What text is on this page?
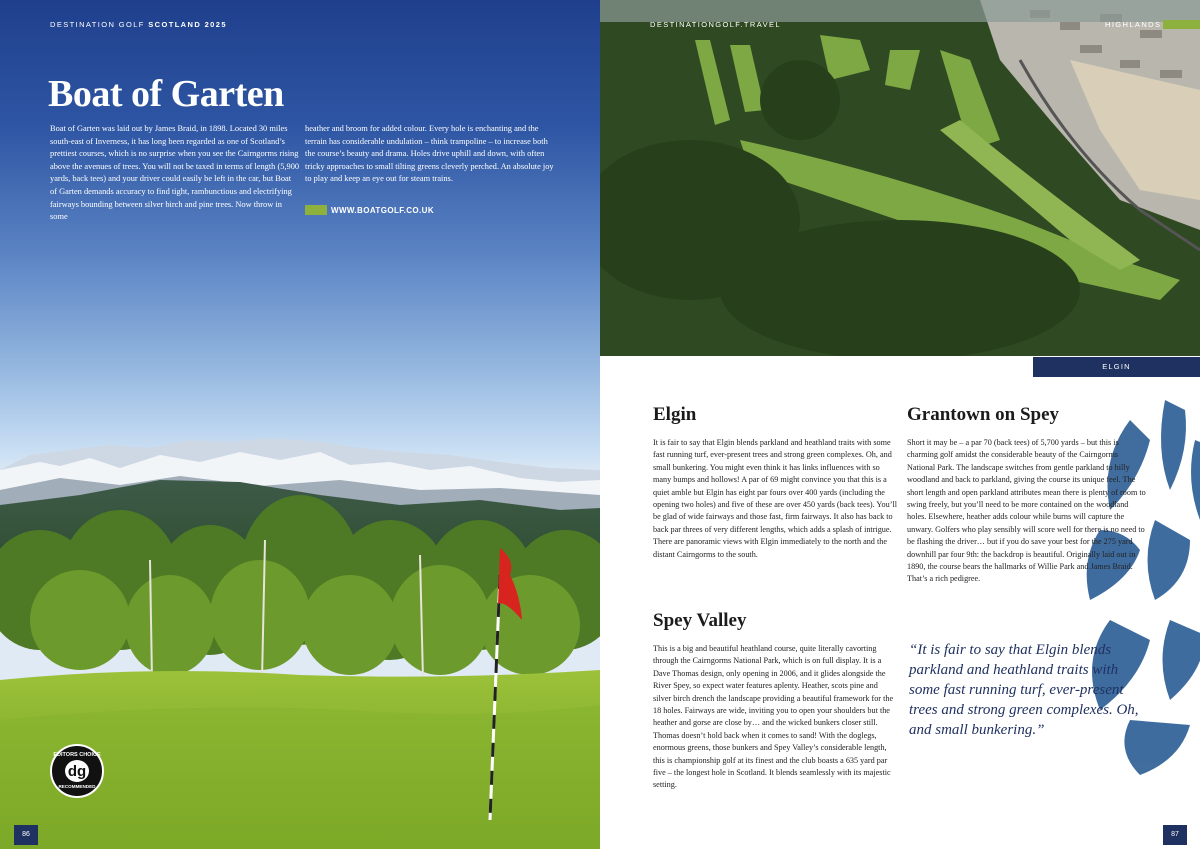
DESTINATION GOLF SCOTLAND 2025
Boat of Garten
Boat of Garten was laid out by James Braid, in 1898. Located 30 miles south-east of Inverness, it has long been regarded as one of Scotland’s prettiest courses, which is no surprise when you see the Cairngorms rising above the avenues of trees. You will not be taxed in terms of length (5,900 yards, back tees) and your driver could easily be left in the car, but Boat of Garten demands accuracy to find tight, rambunctious and electrifying fairways bounding between silver birch and pine trees. Now throw in some
heather and broom for added colour. Every hole is enchanting and the terrain has considerable undulation – think trampoline – to increase both the course’s beauty and drama. Holes drive uphill and down, with often tricky approaches to small tilting greens cleverly perched. An absolute joy to play and keep an eye out for steam trains.
WWW.BOATGOLF.CO.UK
EDITORS CHOICE
dg
RECOMMENDED
86
DESTINATIONGOLF.TRAVEL	HIGHLANDS
ELGIN
Elgin
It is fair to say that Elgin blends parkland and heathland traits with some fast running turf, ever-present trees and strong green complexes. Oh, and small bunkering. You might even think it has links influences with so many bumps and hollows! A par of 69 might convince you that this is a quiet amble but Elgin has eight par fours over 400 yards (including the opening two holes) and five of these are over 450 yards (back tees). You’ll be glad of wide fairways and those fast, firm fairways. It also has back to back par threes of very different lengths, which adds a splash of intrigue. There are panoramic views with Elgin immediately to the north and the distant Cairngorms to the south.
Grantown on Spey
Short it may be – a par 70 (back tees) of 5,700 yards – but this is charming golf amidst the considerable beauty of the Cairngorms National Park. The landscape switches from gentle parkland to hilly woodland and back to parkland, giving the course its unique feel. The short length and open parkland attributes mean there is plenty of room to swing freely, but you’ll need to be more contained on the woodland holes. Elsewhere, heather adds colour while burns will capture the unwary. Golfers who play sensibly will score well for there is no need to be flashing the driver… but if you do save your best for the 275 yard downhill par four 9th: the backdrop is beautiful. Originally laid out in 1890, the course bears the hallmarks of Willie Park and James Braid. That’s a rich pedigree.
Spey Valley
This is a big and beautiful heathland course, quite literally cavorting through the Cairngorms National Park, which is on full display. It is a Dave Thomas design, only opening in 2006, and it glides alongside the River Spey, so expect water features aplenty. Heather, scots pine and silver birch drench the landscape providing a beautiful framework for the 18 holes. Fairways are wide, inviting you to open your shoulders but the heather and gorse are close by… and the wicked bunkers closer still. Thomas doesn’t hold back when it comes to sand! With the doglegs, enormous greens, those bunkers and Spey Valley’s considerable length, this is championship golf at its finest and the club boasts a 635 yard par five – the longest hole in Scotland. It blends seamlessly with its majestic setting.
“It is fair to say that Elgin blends parkland and heathland traits with some fast running turf, ever-present trees and strong green complexes. Oh, and small bunkering.”
87
